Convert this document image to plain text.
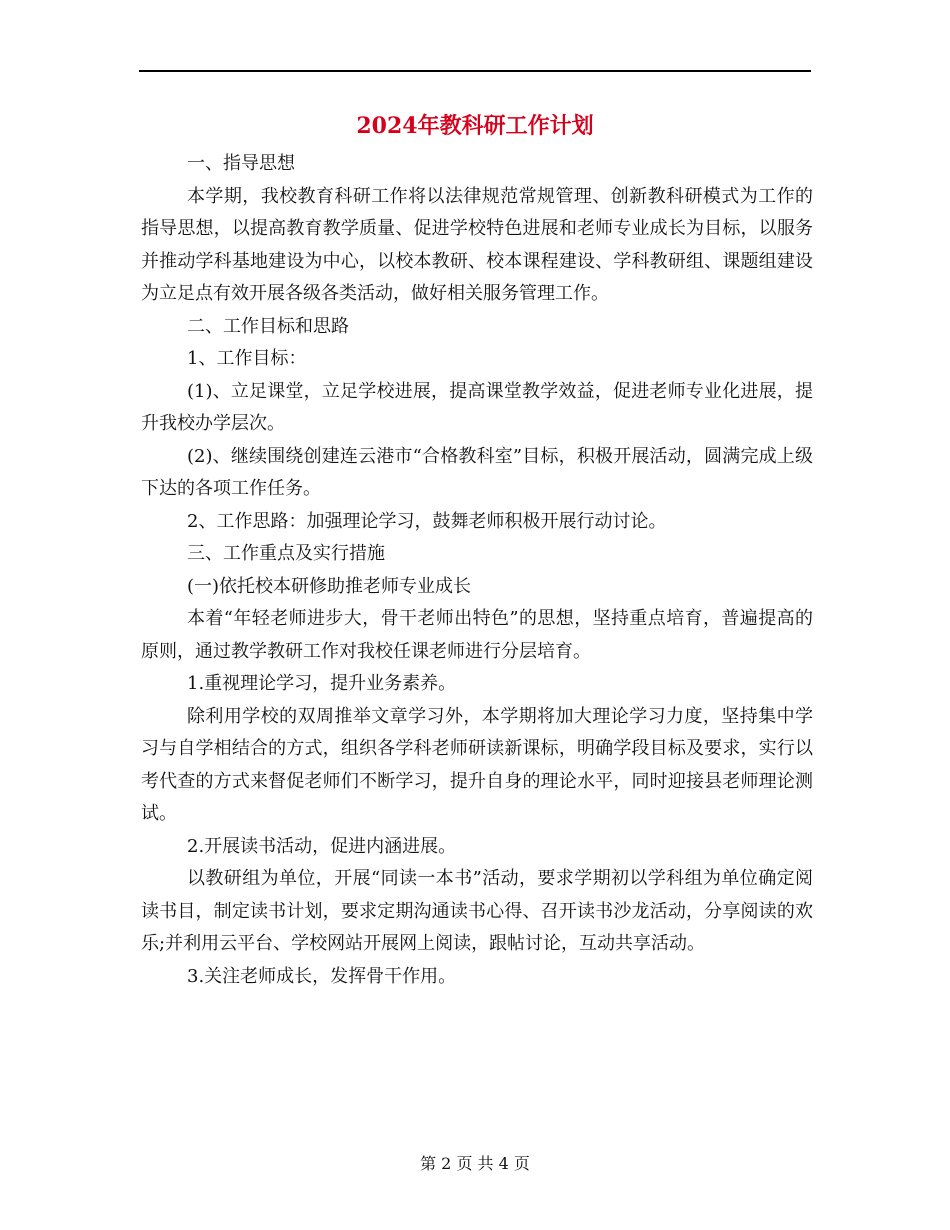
2024年教科研工作计划

一、指导思想

本学期，我校教育科研工作将以法律规范常规管理、创新教科研模式为工作的指导思想，以提高教育教学质量、促进学校特色进展和老师专业成长为目标，以服务并推动学科基地建设为中心，以校本教研、校本课程建设、学科教研组、课题组建设为立足点有效开展各级各类活动，做好相关服务管理工作。

二、工作目标和思路

1、工作目标：

(1)、立足课堂，立足学校进展，提高课堂教学效益，促进老师专业化进展，提升我校办学层次。

(2)、继续围绕创建连云港市“合格教科室”目标，积极开展活动，圆满完成上级下达的各项工作任务。

2、工作思路：加强理论学习，鼓舞老师积极开展行动讨论。

三、工作重点及实行措施

(一)依托校本研修助推老师专业成长

本着“年轻老师进步大，骨干老师出特色”的思想，坚持重点培育，普遍提高的原则，通过教学教研工作对我校任课老师进行分层培育。

1.重视理论学习，提升业务素养。

除利用学校的双周推举文章学习外，本学期将加大理论学习力度，坚持集中学习与自学相结合的方式，组织各学科老师研读新课标，明确学段目标及要求，实行以考代查的方式来督促老师们不断学习，提升自身的理论水平，同时迎接县老师理论测试。

2.开展读书活动，促进内涵进展。

以教研组为单位，开展“同读一本书”活动，要求学期初以学科组为单位确定阅读书目，制定读书计划，要求定期沟通读书心得、召开读书沙龙活动，分享阅读的欢乐;并利用云平台、学校网站开展网上阅读，跟帖讨论，互动共享活动。

3.关注老师成长，发挥骨干作用。

第 2 页 共 4 页
